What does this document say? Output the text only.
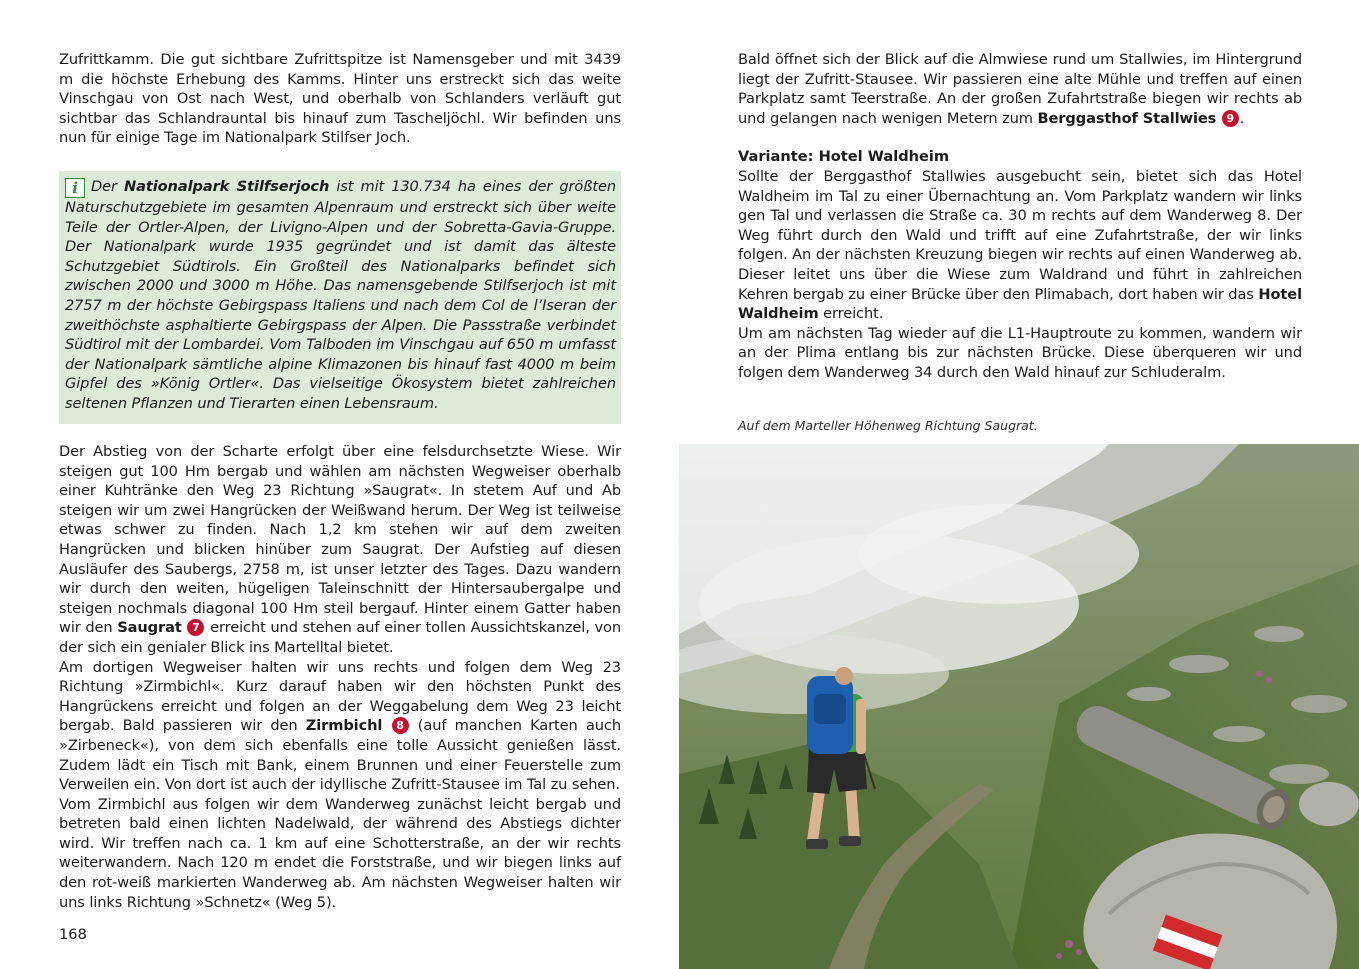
Zufrittkamm. Die gut sichtbare Zufrittspitze ist Namensgeber und mit 3439 m die höchste Erhebung des Kamms. Hinter uns erstreckt sich das weite Vinschgau von Ost nach West, und oberhalb von Schlanders verläuft gut sichtbar das Schlandrauntal bis hinauf zum Tascheljöchl. Wir befinden uns nun für einige Tage im Nationalpark Stilfser Joch.

i Der Nationalpark Stilfserjoch ist mit 130.734 ha eines der größten Naturschutzgebiete im gesamten Alpenraum und erstreckt sich über weite Teile der Ortler-Alpen, der Livigno-Alpen und der Sobretta-Gavia-Gruppe. Der Nationalpark wurde 1935 gegründet und ist damit das älteste Schutzgebiet Südtirols. Ein Großteil des Nationalparks befindet sich zwischen 2000 und 3000 m Höhe. Das namensgebende Stilfserjoch ist mit 2757 m der höchste Gebirgspass Italiens und nach dem Col de l’Iseran der zweithöchste asphaltierte Gebirgspass der Alpen. Die Passstraße verbindet Südtirol mit der Lombardei. Vom Talboden im Vinschgau auf 650 m umfasst der Nationalpark sämtliche alpine Klimazonen bis hinauf fast 4000 m beim Gipfel des »König Ortler«. Das vielseitige Ökosystem bietet zahlreichen seltenen Pflanzen und Tierarten einen Lebensraum.

Der Abstieg von der Scharte erfolgt über eine felsdurchsetzte Wiese. Wir steigen gut 100 Hm bergab und wählen am nächsten Wegweiser oberhalb einer Kuhtränke den Weg 23 Richtung »Saugrat«. In stetem Auf und Ab steigen wir um zwei Hangrücken der Weißwand herum. Der Weg ist teilweise etwas schwer zu finden. Nach 1,2 km stehen wir auf dem zweiten Hangrücken und blicken hinüber zum Saugrat. Der Aufstieg auf diesen Ausläufer des Saubergs, 2758 m, ist unser letzter des Tages. Dazu wandern wir durch den weiten, hügeligen Taleinschnitt der Hintersaubergalpe und steigen nochmals diagonal 100 Hm steil bergauf. Hinter einem Gatter haben wir den Saugrat 7 erreicht und stehen auf einer tollen Aussichtskanzel, von der sich ein genialer Blick ins Martelltal bietet.

Am dortigen Wegweiser halten wir uns rechts und folgen dem Weg 23 Richtung »Zirmbichl«. Kurz darauf haben wir den höchsten Punkt des Hangrückens erreicht und folgen an der Weggabelung dem Weg 23 leicht bergab. Bald passieren wir den Zirmbichl 8 (auf manchen Karten auch »Zirbeneck«), von dem sich ebenfalls eine tolle Aussicht genießen lässt. Zudem lädt ein Tisch mit Bank, einem Brunnen und einer Feuerstelle zum Verweilen ein. Von dort ist auch der idyllische Zufritt-Stausee im Tal zu sehen.

Vom Zirmbichl aus folgen wir dem Wanderweg zunächst leicht bergab und betreten bald einen lichten Nadelwald, der während des Abstiegs dichter wird. Wir treffen nach ca. 1 km auf eine Schotterstraße, an der wir rechts weiterwandern. Nach 120 m endet die Forststraße, und wir biegen links auf den rot-weiß markierten Wanderweg ab. Am nächsten Wegweiser halten wir uns links Richtung »Schnetz« (Weg 5).

168

Bald öffnet sich der Blick auf die Almwiese rund um Stallwies, im Hintergrund liegt der Zufritt-Stausee. Wir passieren eine alte Mühle und treffen auf einen Parkplatz samt Teerstraße. An der großen Zufahrtstraße biegen wir rechts ab und gelangen nach wenigen Metern zum Berggasthof Stallwies 9 .

Variante: Hotel Waldheim

Sollte der Berggasthof Stallwies ausgebucht sein, bietet sich das Hotel Waldheim im Tal zu einer Übernachtung an. Vom Parkplatz wandern wir links gen Tal und verlassen die Straße ca. 30 m rechts auf dem Wanderweg 8. Der Weg führt durch den Wald und trifft auf eine Zufahrtstraße, der wir links folgen. An der nächsten Kreuzung biegen wir rechts auf einen Wanderweg ab. Dieser leitet uns über die Wiese zum Waldrand und führt in zahlreichen Kehren bergab zu einer Brücke über den Plimabach, dort haben wir das Hotel Waldheim erreicht.

Um am nächsten Tag wieder auf die L1-Hauptroute zu kommen, wandern wir an der Plima entlang bis zur nächsten Brücke. Diese überqueren wir und folgen dem Wanderweg 34 durch den Wald hinauf zur Schluderalm.

Auf dem Marteller Höhenweg Richtung Saugrat.
